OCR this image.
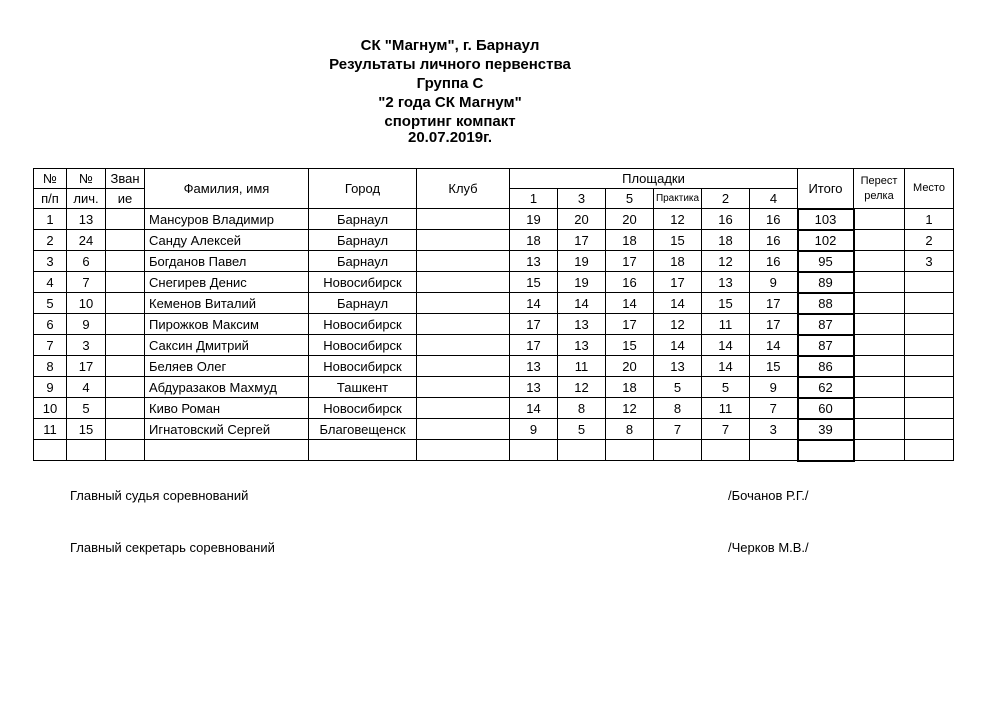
СК "Магнум", г. Барнаул
Результаты личного первенства
Группа С
"2 года СК Магнум"
спортинг компакт
20.07.2019г.
№	№	Зван	Фамилия, имя	Город	Клуб	Площадки						Итого	Перест
релка	Место
п/п	лич.	ие				1	3	5	Практика	2	4			
1	13		Мансуров Владимир	Барнаул		19	20	20	12	16	16	103		1
2	24		Санду Алексей	Барнаул		18	17	18	15	18	16	102		2
3	6		Богданов Павел	Барнаул		13	19	17	18	12	16	95		3
4	7		Снегирев Денис	Новосибирск		15	19	16	17	13	9	89		
5	10		Кеменов Виталий	Барнаул		14	14	14	14	15	17	88		
6	9		Пирожков Максим	Новосибирск		17	13	17	12	11	17	87		
7	3		Саксин Дмитрий	Новосибирск		17	13	15	14	14	14	87		
8	17		Беляев Олег	Новосибирск		13	11	20	13	14	15	86		
9	4		Абдуразаков Махмуд	Ташкент		13	12	18	5	5	9	62		
10	5		Киво Роман	Новосибирск		14	8	12	8	11	7	60		
11	15		Игнатовский Сергей	Благовещенск		9	5	8	7	7	3	39		

Главный судья соревнований	/Бочанов Р.Г./
Главный секретарь соревнований	/Черков М.В./
